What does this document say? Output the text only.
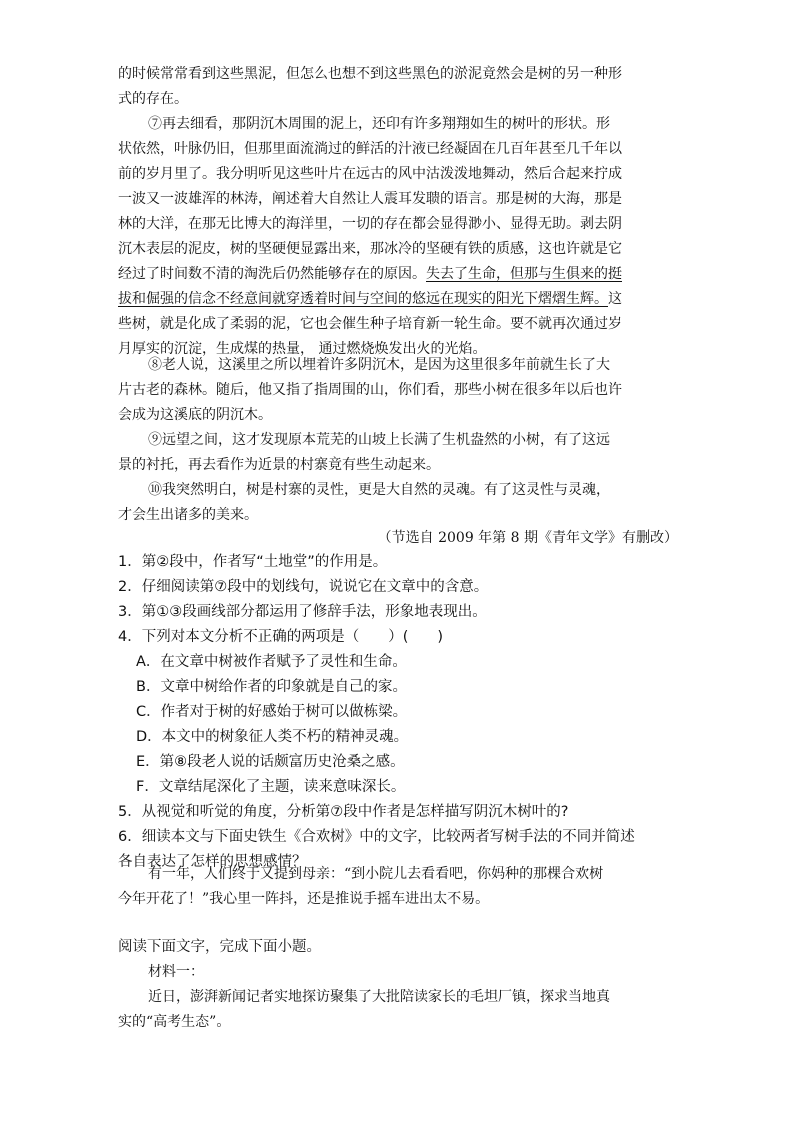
的时候常常看到这些黑泥，但怎么也想不到这些黑色的淤泥竟然会是树的另一种形
式的存在。
⑦再去细看，那阴沉木周围的泥上，还印有许多翔翔如生的树叶的形状。形
状依然，叶脉仍旧，但那里面流淌过的鲜活的汁液已经凝固在几百年甚至几千年以
前的岁月里了。我分明听见这些叶片在远古的风中沽泼泼地舞动，然后合起来拧成
一波又一波雄浑的林涛，阐述着大自然让人震耳发聩的语言。那是树的大海，那是
林的大洋，在那无比博大的海洋里，一切的存在都会显得渺小、显得无助。剥去阴
沉木表层的泥皮，树的坚硬便显露出来，那冰冷的坚硬有铁的质感，这也许就是它
经过了时间数不清的淘洗后仍然能够存在的原因。失去了生命，但那与生俱来的挺
拔和倔强的信念不经意间就穿透着时间与空间的悠远在现实的阳光下熠熠生辉。这
些树，就是化成了柔弱的泥，它也会催生种子培育新一轮生命。要不就再次通过岁
月厚实的沉淀，生成煤的热量， 通过燃烧焕发出火的光焰。
⑧老人说，这溪里之所以埋着许多阴沉木，是因为这里很多年前就生长了大
片古老的森林。随后，他又指了指周围的山，你们看，那些小树在很多年以后也许
会成为这溪底的阴沉木。
⑨远望之间，这才发现原本荒芜的山坡上长满了生机盎然的小树，有了这远
景的衬托，再去看作为近景的村寨竟有些生动起来。
⑩我突然明白，树是村寨的灵性，更是大自然的灵魂。有了这灵性与灵魂，
才会生出诸多的美来。
（节选自 2009 年第 8 期《青年文学》有删改）
1．第②段中，作者写“土地堂”的作用是。
2．仔细阅读第⑦段中的划线句，说说它在文章中的含意。
3．第①③段画线部分都运用了修辞手法，形象地表现出。
4．下列对本文分析不正确的两项是（　　）(　　)
A．在文章中树被作者赋予了灵性和生命。
B．文章中树给作者的印象就是自己的家。
C．作者对于树的好感始于树可以做栋梁。
D．本文中的树象征人类不朽的精神灵魂。
E．第⑧段老人说的话颇富历史沧桑之感。
F．文章结尾深化了主题，读来意味深长。
5．从视觉和听觉的角度，分析第⑦段中作者是怎样描写阴沉木树叶的?
6．细读本文与下面史铁生《合欢树》中的文字，比较两者写树手法的不同并简述
各自表达了怎样的思想感情？
有一年，人们终于又提到母亲：“到小院儿去看看吧，你妈种的那棵合欢树
今年开花了！”我心里一阵抖，还是推说手摇车进出太不易。
阅读下面文字，完成下面小题。
材料一：
近日，澎湃新闻记者实地探访聚集了大批陪读家长的毛坦厂镇，探求当地真
实的“高考生态”。
